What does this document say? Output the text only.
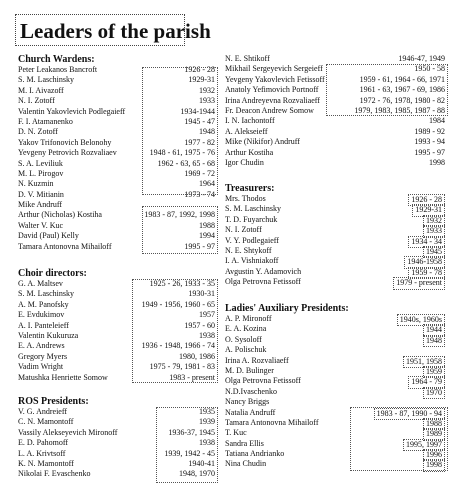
Leaders of the parish
Church Wardens:
Peter Leakanos Bancroft	1926 - 28
S. M. Laschinsky	1929-31
M. I. Aivazoff	1932
N. I. Zotoff	1933
Valentin Yakovlevich Podlegaieff	1934-1944
F. I. Atamanenko	1945 - 47
D. N. Zotoff	1948
Yakov Trifonovich Belonohy	1977 - 82
Yevgeny Petrovich Rozvaliaev	1948 - 61, 1975 - 76
S. A. Leviliuk	1962 - 63, 65 - 68
M. L. Pirogov	1969 - 72
N. Kuzmin	1964
D. V. Mitianin	1973 - 74
Mike Andruff
Arthur (Nicholas) Kostiha	1983 - 87, 1992, 1998
Walter V. Kuc	1988
David (Paul) Kelly	1994
Tamara Antonovna Mihailoff	1995 - 97
Choir directors:
G. A. Maltsev	1925 - 26, 1933 - 35
S. M. Laschinsky	1930-31
A. M. Panofsky	1949 - 1956, 1960 - 65
E. Evdukimov	1957
A. I. Panteleieff	1957 - 60
Valentin Kukuruza	1938
E. A. Andrews	1936 - 1948, 1966 - 74
Gregory Myers	1980, 1986
Vadim Wright	1975 - 79, 1981 - 83
Matushka Henriette Somow	1983 - present
ROS Presidents:
V. G. Andreieff	1935
C. N. Mamontoff	1939
Vassily Alekseyevich Mironoff	1936-37, 1945
E. D. Pahomoff	1938
L. A. Krivtsoff	1939, 1942 - 45
K. N. Mamontoff	1940-41
Nikolai F. Evaschenko	1948, 1970
N. E. Shtikoff	1946-47, 1949
Mikhail Sergeyevich Sergeieff	1950 - 58
Yevgeny Yakovlevich Fetissoff	1959 - 61, 1964 - 66, 1971
Anatoly Yefimovich Portnoff	1961 - 63, 1967 - 69, 1986
Irina Andreyevna Rozvaliaeff	1972 - 76, 1978, 1980 - 82
Fr. Deacon Andrew Somow	1979, 1983, 1985, 1987 - 88
I. N. Iachontoff	1984
A. Alekseieff	1989 - 92
Mike (Nikifor) Andruff	1993 - 94
Arthur Kostiha	1995 - 97
Igor Chudin	1998
Treasurers:
Mrs. Thodos	1926 - 28
S. M. Laschinsky	1929-31
T. D. Fuyarchuk	1932
N. I. Zotoff	1933
V. Y. Podlegaieff	1934 - 34
N. E. Shtykoff	1945
I. A. Vishniakoff	1946-1958
Avgustin Y. Adamovich	1959 - 78
Olga Petrovna Fetissoff	1979 - present
Ladies' Auxiliary Presidents:
A. P. Mironoff	1940s, 1960s
E. A. Kozina	1944
O. Sysoloff	1948
A. Polischuk
Irina A. Rozvaliaeff	1951, 1958
M. D. Bulinger	1959
Olga Petrovna Fetissoff	1964 - 79
N.D.Ivaschenko	1970
Nancy Briggs
Natalia Andruff	1983 - 87, 1990 - 94
Tamara Antonovna Mihailoff	1988
T. Kuc	1989
Sandra Ellis	1995, 1997
Tatiana Andrianko	1996
Nina Chudin	1998
